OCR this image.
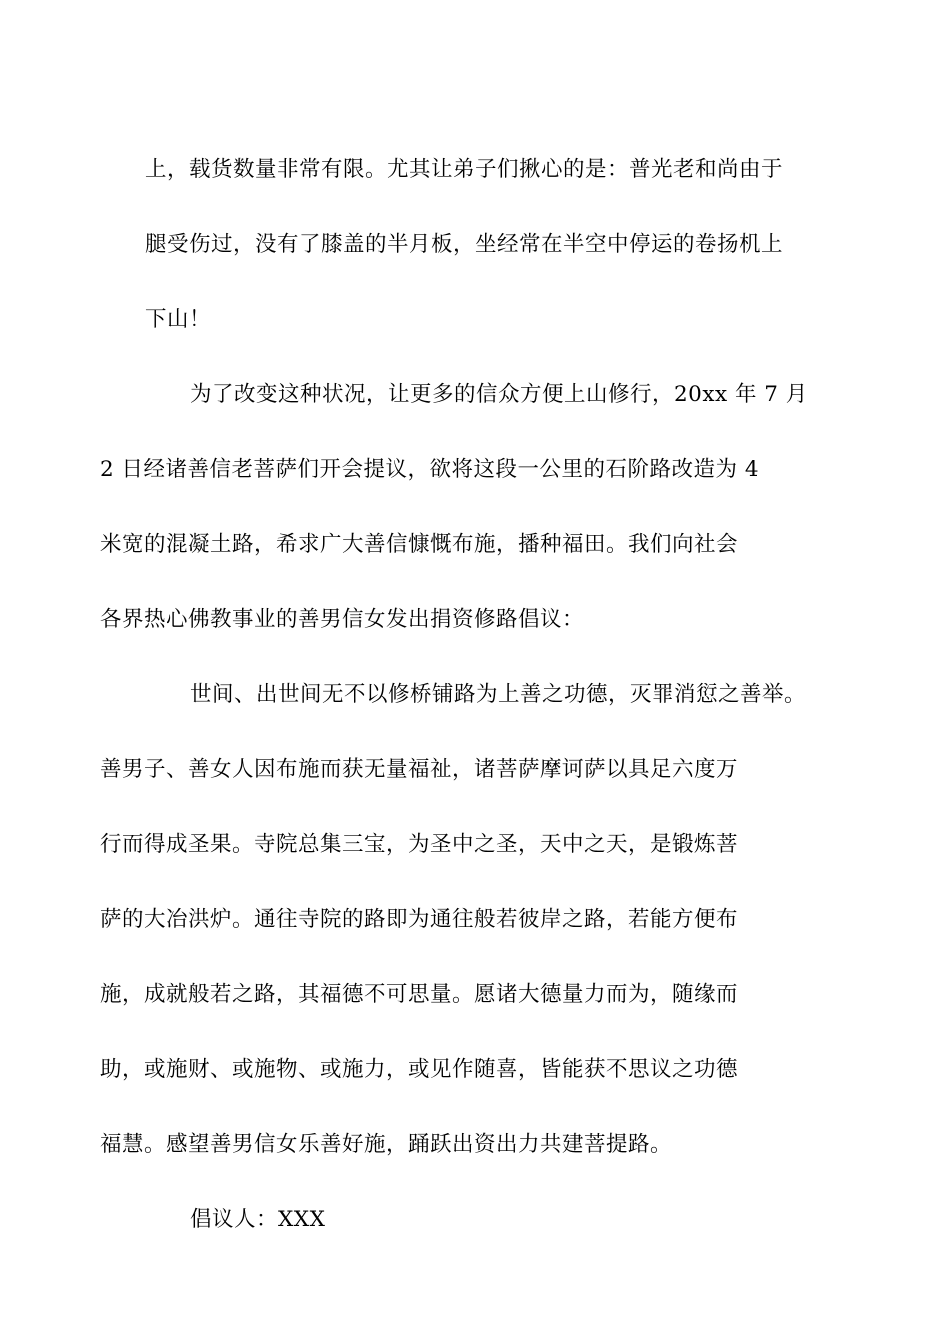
上，载货数量非常有限。尤其让弟子们揪心的是：普光老和尚由于
腿受伤过，没有了膝盖的半月板，坐经常在半空中停运的卷扬机上
下山！

为了改变这种状况，让更多的信众方便上山修行，20xx 年 7 月
2 日经诸善信老菩萨们开会提议，欲将这段一公里的石阶路改造为 4
米宽的混凝土路，希求广大善信慷慨布施，播种福田。我们向社会
各界热心佛教事业的善男信女发出捐资修路倡议：

世间、出世间无不以修桥铺路为上善之功德，灭罪消愆之善举。
善男子、善女人因布施而获无量福祉，诸菩萨摩诃萨以具足六度万
行而得成圣果。寺院总集三宝，为圣中之圣，天中之天，是锻炼菩
萨的大冶洪炉。通往寺院的路即为通往般若彼岸之路，若能方便布
施，成就般若之路，其福德不可思量。愿诸大德量力而为，随缘而
助，或施财、或施物、或施力，或见作随喜，皆能获不思议之功德
福慧。感望善男信女乐善好施，踊跃出资出力共建菩提路。

倡议人：XXX
